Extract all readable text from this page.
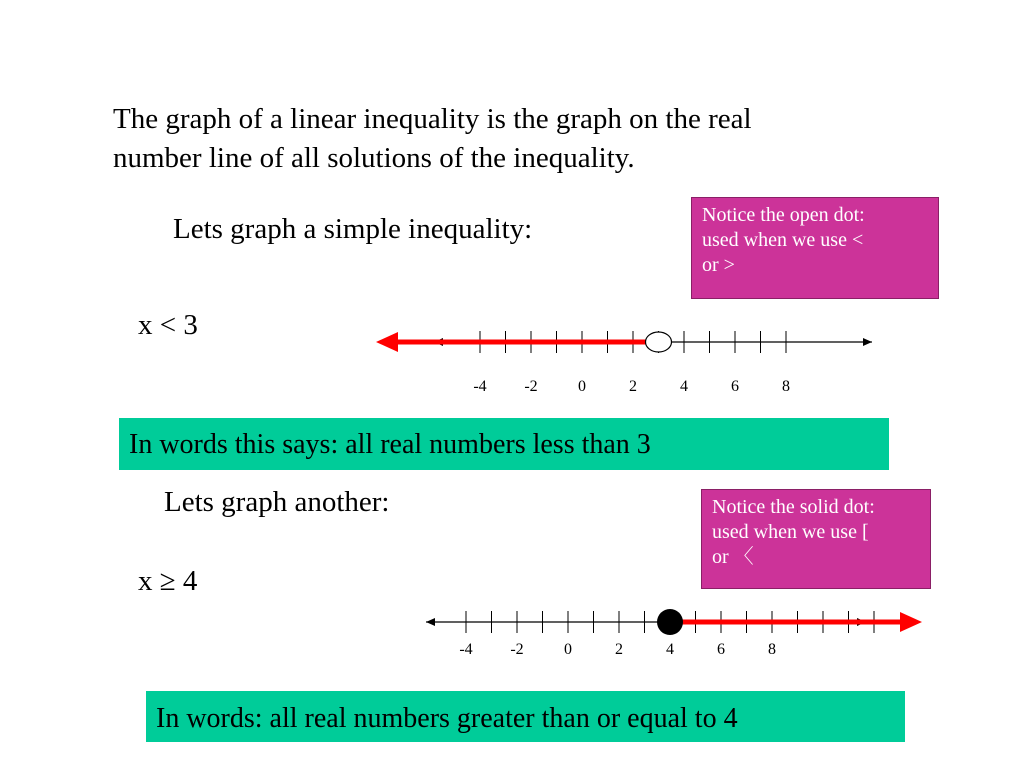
The graph of a linear inequality is the graph on the real
number line of all solutions of the inequality.
Lets graph a simple inequality:
x < 3
Notice the open dot:
used when we use <
or >
In words this says: all real numbers less than 3
Lets graph another:
x ≥ 4
Notice the solid dot:
used when we use [
or 〈
In words: all real numbers greater than or equal to 4
-4 -2	0	2	4	6	8
-4 -2	0	2	4	6	8
